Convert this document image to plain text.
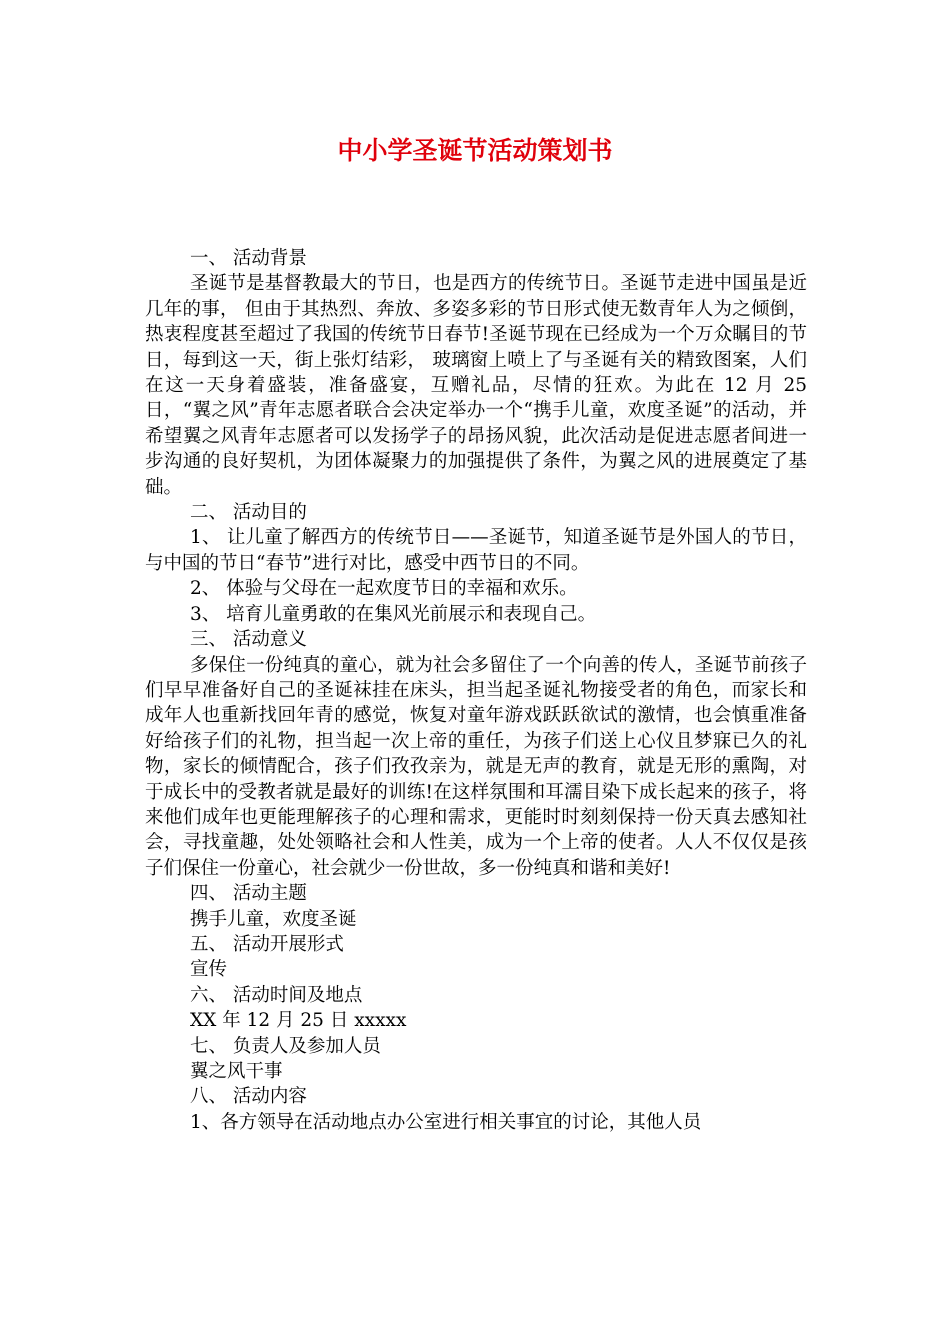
中小学圣诞节活动策划书

一、 活动背景

圣诞节是基督教最大的节日，也是西方的传统节日。圣诞节走进中国虽是近几年的事， 但由于其热烈、奔放、多姿多彩的节日形式使无数青年人为之倾倒，热衷程度甚至超过了我国的传统节日春节!圣诞节现在已经成为一个万众瞩目的节日，每到这一天，街上张灯结彩， 玻璃窗上喷上了与圣诞有关的精致图案，人们在这一天身着盛装，准备盛宴，互赠礼品，尽情的狂欢。为此在 12 月 25 日，“翼之风”青年志愿者联合会决定举办一个“携手儿童，欢度圣诞”的活动，并希望翼之风青年志愿者可以发扬学子的昂扬风貌，此次活动是促进志愿者间进一步沟通的良好契机，为团体凝聚力的加强提供了条件，为翼之风的进展奠定了基础。

二、 活动目的

1、 让儿童了解西方的传统节日——圣诞节，知道圣诞节是外国人的节日，与中国的节日“春节”进行对比，感受中西节日的不同。

2、 体验与父母在一起欢度节日的幸福和欢乐。

3、 培育儿童勇敢的在集风光前展示和表现自己。

三、 活动意义

多保住一份纯真的童心，就为社会多留住了一个向善的传人，圣诞节前孩子们早早准备好自己的圣诞袜挂在床头，担当起圣诞礼物接受者的角色，而家长和成年人也重新找回年青的感觉，恢复对童年游戏跃跃欲试的激情，也会慎重准备好给孩子们的礼物，担当起一次上帝的重任，为孩子们送上心仪且梦寐已久的礼物，家长的倾情配合，孩子们孜孜亲为，就是无声的教育，就是无形的熏陶，对于成长中的受教者就是最好的训练!在这样氛围和耳濡目染下成长起来的孩子，将来他们成年也更能理解孩子的心理和需求，更能时时刻刻保持一份天真去感知社会，寻找童趣，处处领略社会和人性美，成为一个上帝的使者。人人不仅仅是孩子们保住一份童心，社会就少一份世故，多一份纯真和谐和美好!

四、 活动主题

携手儿童，欢度圣诞

五、 活动开展形式

宣传

六、 活动时间及地点

XX 年 12 月 25 日 xxxxx

七、 负责人及参加人员

翼之风干事

八、 活动内容

1、各方领导在活动地点办公室进行相关事宜的讨论，其他人员
